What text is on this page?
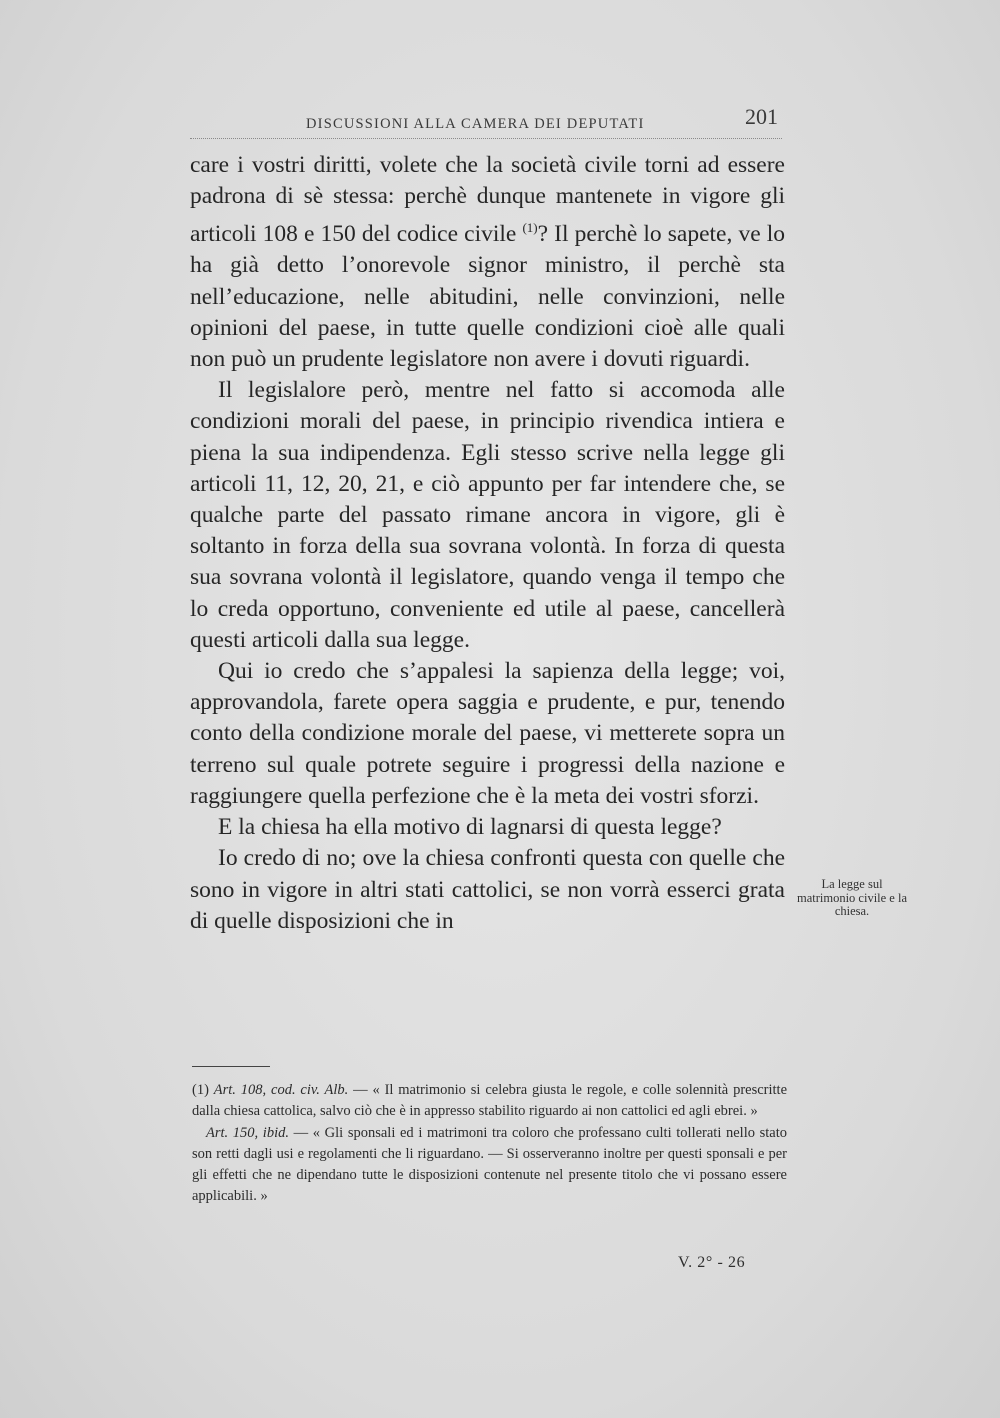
DISCUSSIONI ALLA CAMERA DEI DEPUTATI	201

care i vostri diritti, volete che la società civile torni ad essere padrona di sè stessa: perchè dunque mantenete in vigore gli articoli 108 e 150 del codice civile $^{(1)}$? Il perchè lo sapete, ve lo ha già detto l’onorevole signor ministro, il perchè sta nell’educazione, nelle abitudini, nelle convinzioni, nelle opinioni del paese, in tutte quelle condizioni cioè alle quali non può un prudente legislatore non avere i dovuti riguardi.

Il legislalore però, mentre nel fatto si accomoda alle condizioni morali del paese, in principio rivendica intiera e piena la sua indipendenza. Egli stesso scrive nella legge gli articoli 11, 12, 20, 21, e ciò appunto per far intendere che, se qualche parte del passato rimane ancora in vigore, gli è soltanto in forza della sua sovrana volontà. In forza di questa sua sovrana volontà il legislatore, quando venga il tempo che lo creda opportuno, conveniente ed utile al paese, cancellerà questi articoli dalla sua legge.

Qui io credo che s’appalesi la sapienza della legge; voi, approvandola, farete opera saggia e prudente, e pur, tenendo conto della condizione morale del paese, vi metterete sopra un terreno sul quale potrete seguire i progressi della nazione e raggiungere quella perfezione che è la meta dei vostri sforzi.

E la chiesa ha ella motivo di lagnarsi di questa legge?

Io credo di no; ove la chiesa confronti questa con quelle che sono in vigore in altri stati cattolici, se non vorrà esserci grata di quelle disposizioni che in

La legge sul matrimonio civile e la chiesa.

(1) Art. 108, cod. civ. Alb. — « Il matrimonio si celebra giusta le regole, e colle solennità prescritte dalla chiesa cattolica, salvo ciò che è in appresso stabilito riguardo ai non cattolici ed agli ebrei. »

Art. 150, ibid. — « Gli sponsali ed i matrimoni tra coloro che professano culti tollerati nello stato son retti dagli usi e regolamenti che li riguardano. — Si osserveranno inoltre per questi sponsali e per gli effetti che ne dipendano tutte le disposizioni contenute nel presente titolo che vi possano essere applicabili. »

V. 2° - 26
